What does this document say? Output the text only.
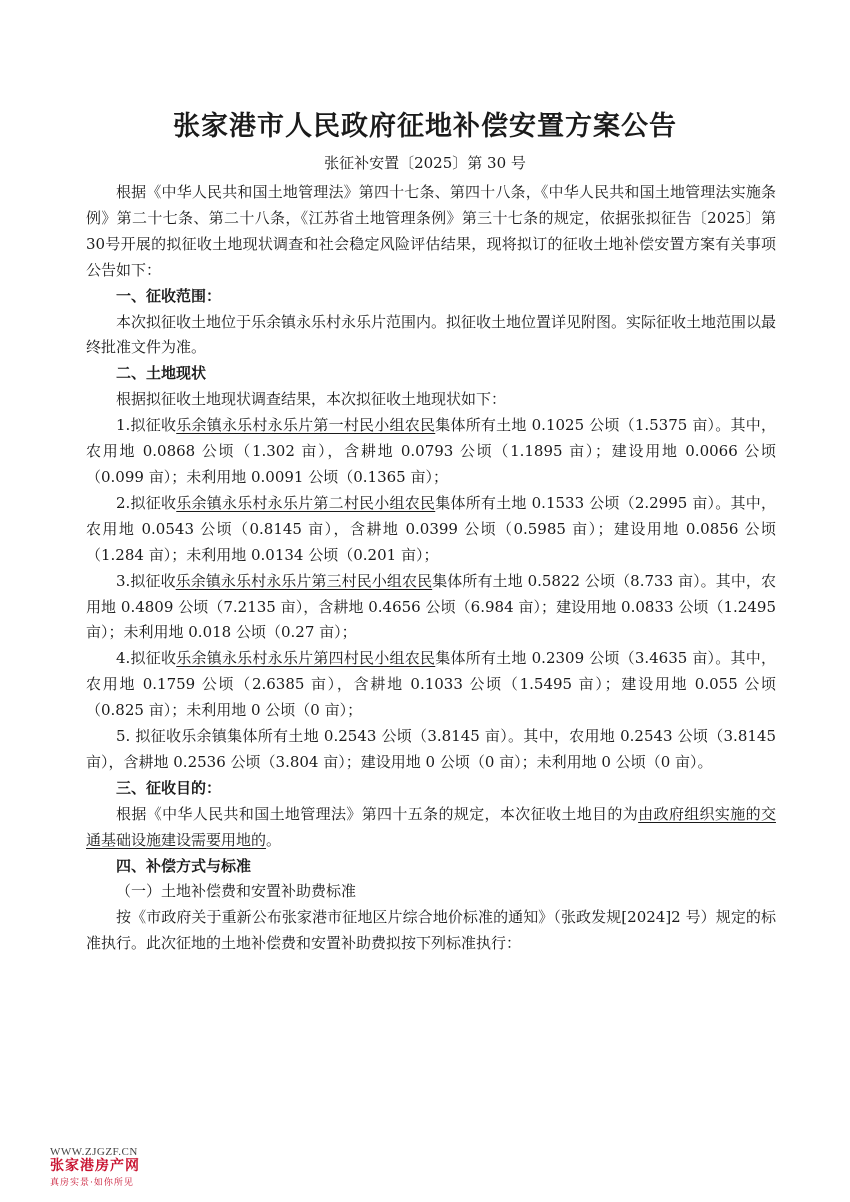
张家港市人民政府征地补偿安置方案公告
张征补安置〔2025〕第 30 号

根据《中华人民共和国土地管理法》第四十七条、第四十八条，《中华人民共和国土地管理法实施条例》第二十七条、第二十八条，《江苏省土地管理条例》第三十七条的规定，依据张拟征告〔2025〕第30号开展的拟征收土地现状调查和社会稳定风险评估结果，现将拟订的征收土地补偿安置方案有关事项公告如下：

一、征收范围：

本次拟征收土地位于乐余镇永乐村永乐片范围内。拟征收土地位置详见附图。实际征收土地范围以最终批准文件为准。

二、土地现状

根据拟征收土地现状调查结果，本次拟征收土地现状如下：

1.拟征收乐余镇永乐村永乐片第一村民小组农民集体所有土地 0.1025 公顷（1.5375 亩）。其中，农用地 0.0868 公顷（1.302 亩），含耕地 0.0793 公顷（1.1895 亩）；建设用地 0.0066 公顷（0.099 亩）；未利用地 0.0091 公顷（0.1365 亩）；

2.拟征收乐余镇永乐村永乐片第二村民小组农民集体所有土地 0.1533 公顷（2.2995 亩）。其中，农用地 0.0543 公顷（0.8145 亩），含耕地 0.0399 公顷（0.5985 亩）；建设用地 0.0856 公顷（1.284 亩）；未利用地 0.0134 公顷（0.201 亩）；

3.拟征收乐余镇永乐村永乐片第三村民小组农民集体所有土地 0.5822 公顷（8.733 亩）。其中，农用地 0.4809 公顷（7.2135 亩），含耕地 0.4656 公顷（6.984 亩）；建设用地 0.0833 公顷（1.2495 亩）；未利用地 0.018 公顷（0.27 亩）；

4.拟征收乐余镇永乐村永乐片第四村民小组农民集体所有土地 0.2309 公顷（3.4635 亩）。其中，农用地 0.1759 公顷（2.6385 亩），含耕地 0.1033 公顷（1.5495 亩）；建设用地 0.055 公顷（0.825 亩）；未利用地 0 公顷（0 亩）；

5. 拟征收乐余镇集体所有土地 0.2543 公顷（3.8145 亩）。其中，农用地 0.2543 公顷（3.8145 亩），含耕地 0.2536 公顷（3.804 亩）；建设用地 0 公顷（0 亩）；未利用地 0 公顷（0 亩）。

三、征收目的：

根据《中华人民共和国土地管理法》第四十五条的规定，本次征收土地目的为由政府组织实施的交通基础设施建设需要用地的。

四、补偿方式与标准

（一）土地补偿费和安置补助费标准

按《市政府关于重新公布张家港市征地区片综合地价标准的通知》（张政发规[2024]2 号）规定的标准执行。此次征地的土地补偿费和安置补助费拟按下列标准执行：

WWW.ZJGZF.CN
张家港房产网
真房实景·如你所见
